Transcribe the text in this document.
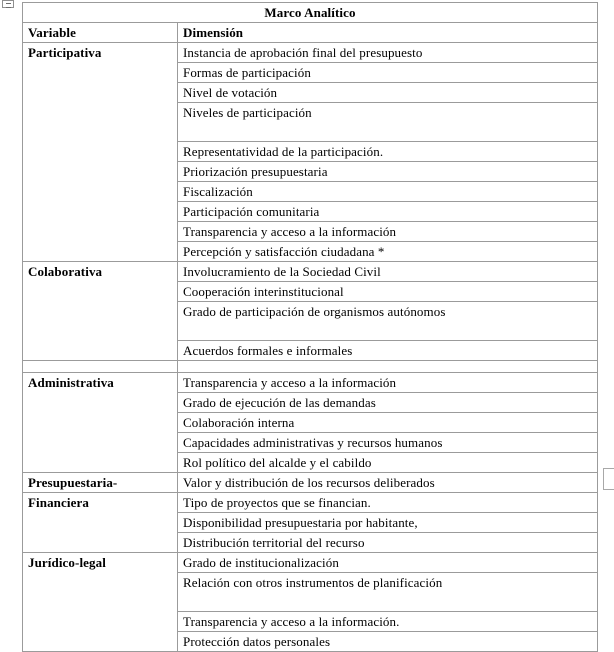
Marco Analítico	
Variable	Dimensión
Participativa	Instancia de aprobación final del presupuesto
	Formas de participación
	Nivel de votación
	Niveles de participación
	Representatividad de la participación.
	Priorización presupuestaria
	Fiscalización
	Participación comunitaria
	Transparencia y acceso a la información
	Percepción y satisfacción ciudadana *
Colaborativa	Involucramiento de la Sociedad Civil
	Cooperación interinstitucional
	Grado de participación de organismos autónomos
	Acuerdos formales e informales

Administrativa	Transparencia y acceso a la información
	Grado de ejecución de las demandas
	Colaboración interna
	Capacidades administrativas y recursos humanos
	Rol político del alcalde y el cabildo
Presupuestaria-	Valor y distribución de los recursos deliberados
Financiera	Tipo de proyectos que se financian.
	Disponibilidad presupuestaria por habitante,
	Distribución territorial del recurso
Jurídico-legal	Grado de institucionalización
	Relación con otros instrumentos de planificación
	Transparencia y acceso a la información.
	Protección datos personales
